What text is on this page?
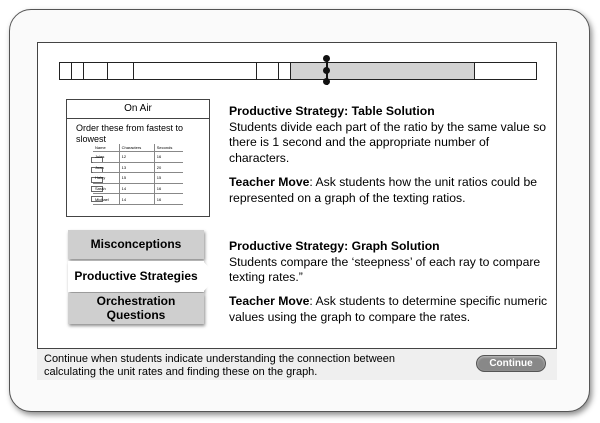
On Air
Order these from fastest to slowest
Name	Characters	Seconds
Jules	12	16
Juan	13	20
Haley	15	15
Sarah	14	16
Michael	14	16
Productive Strategy: Table Solution
Students divide each part of the ratio by the same value so there is 1 second and the appropriate number of characters.
Teacher Move: Ask students how the unit ratios could be represented on a graph of the texting ratios.
Productive Strategy: Graph Solution
Students compare the ‘steepness’ of each ray to compare texting rates.”
Teacher Move: Ask students to determine specific numeric values using the graph to compare the rates.
Misconceptions
Productive Strategies
Orchestration
Questions
Continue when students indicate understanding the connection between calculating the unit rates and finding these on the graph.
Continue
